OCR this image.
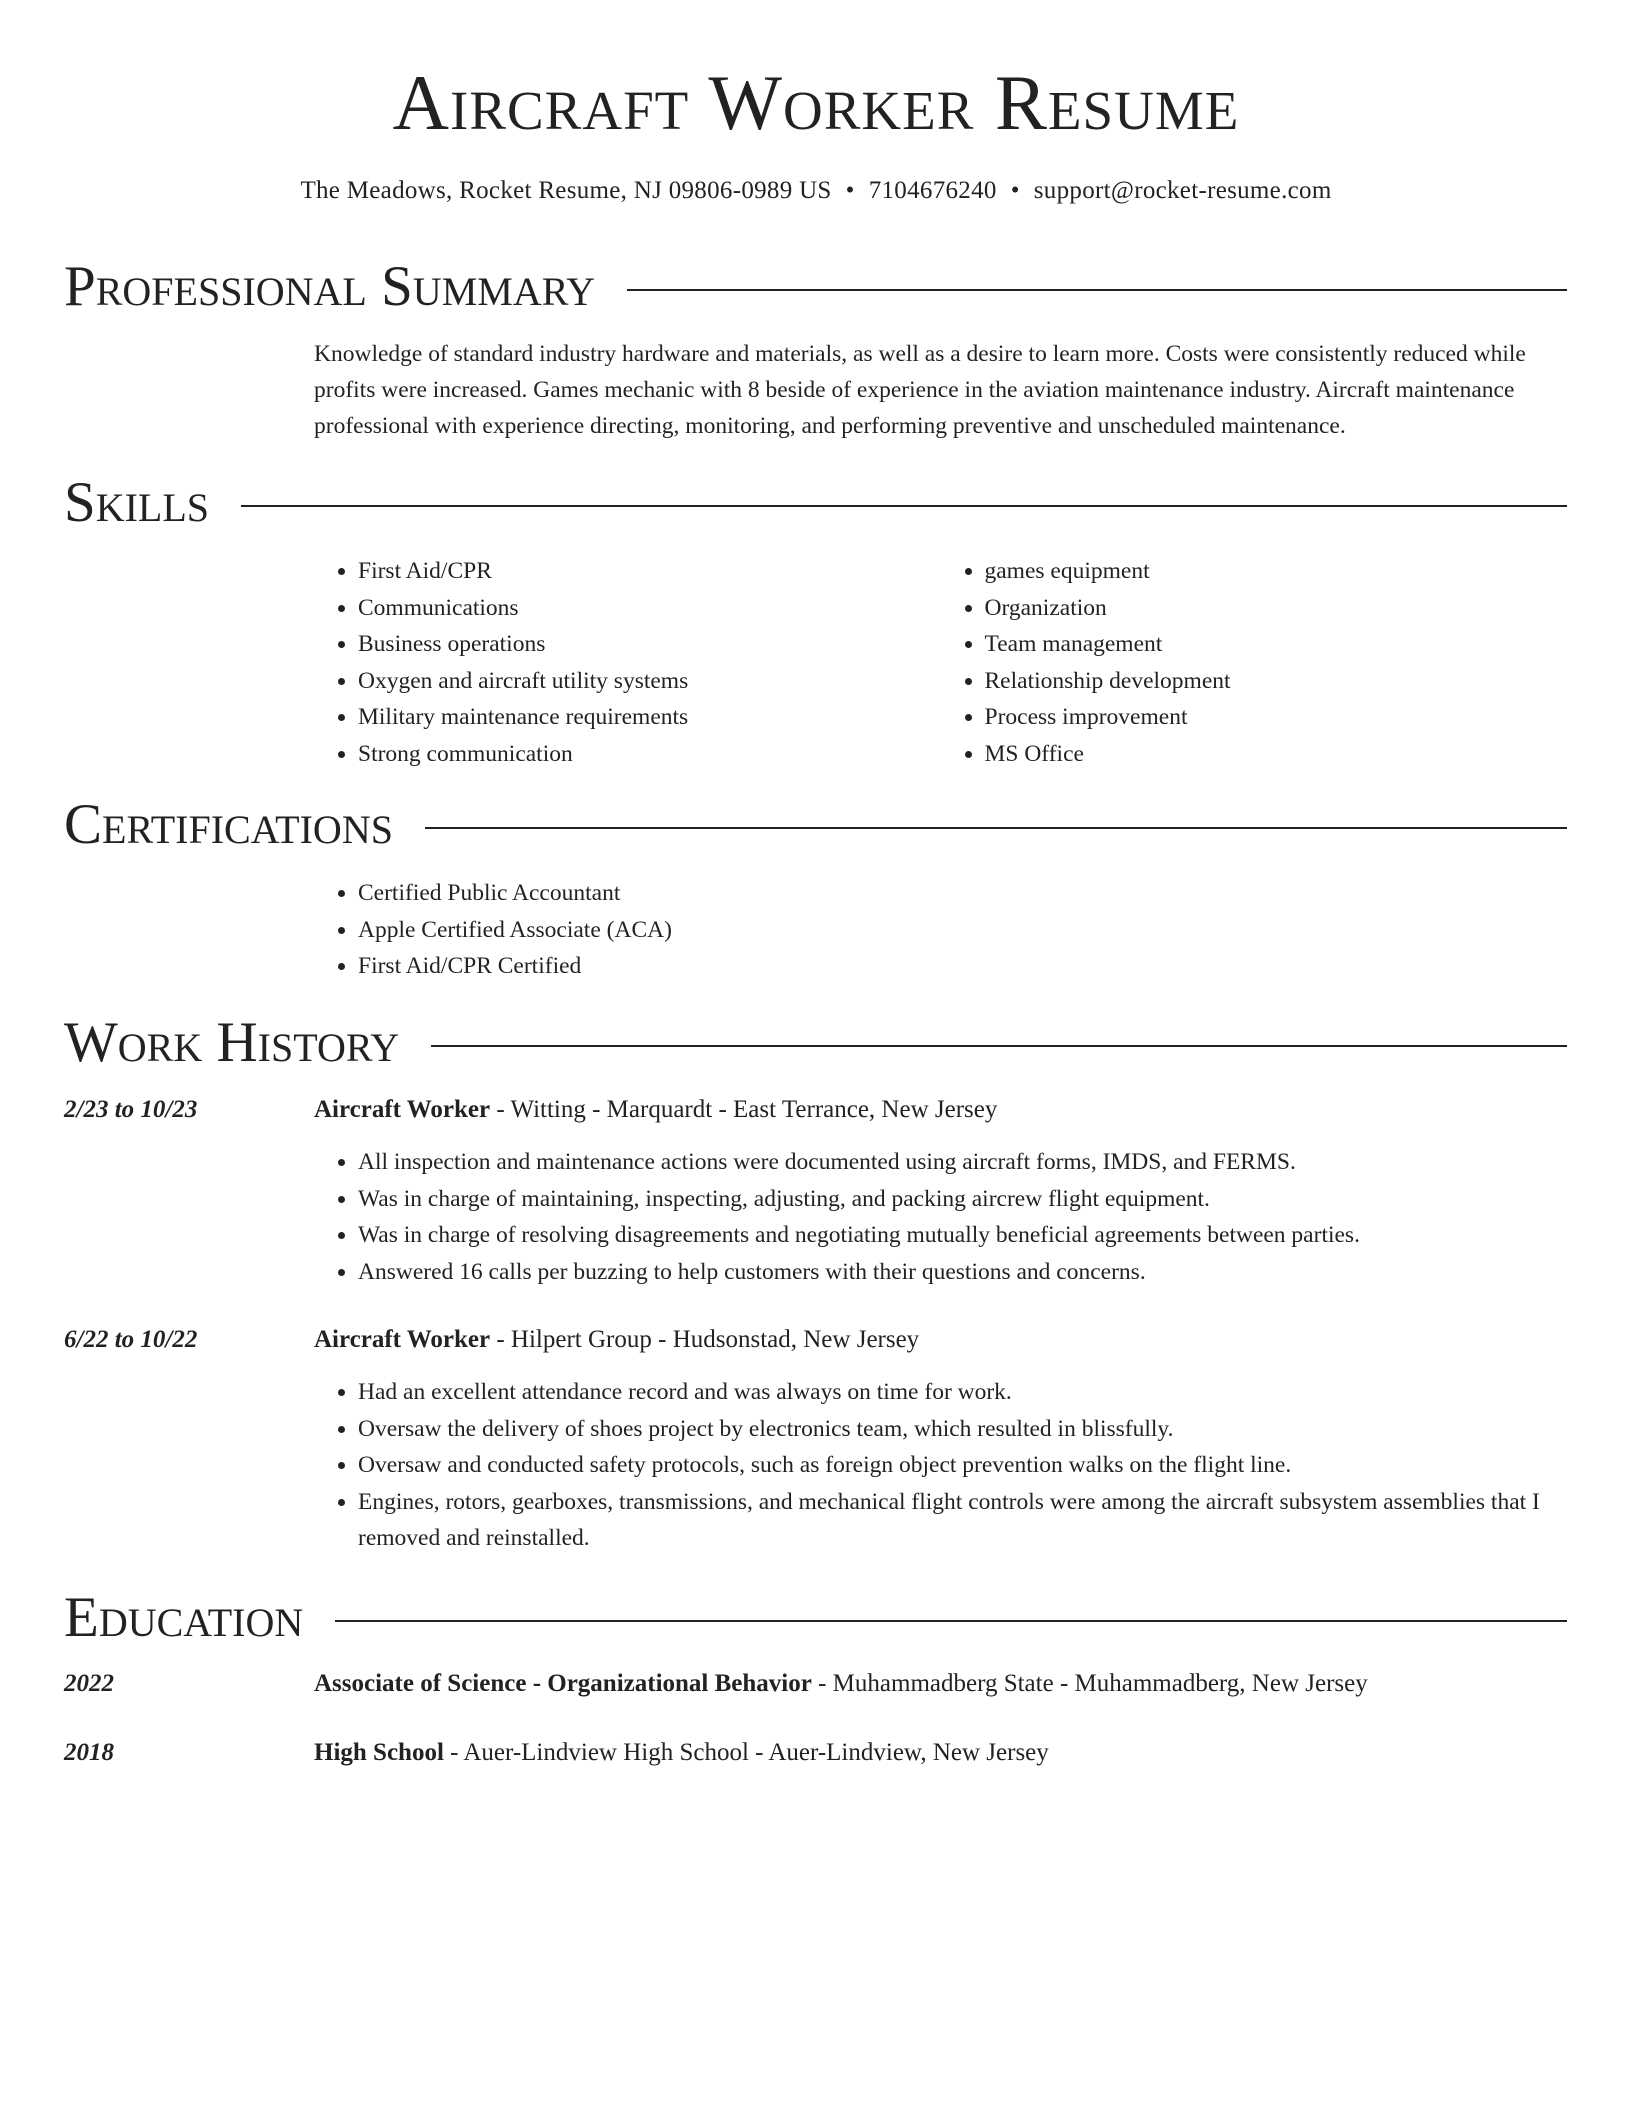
Aircraft Worker Resume
The Meadows, Rocket Resume, NJ 09806-0989 US • 7104676240 • support@rocket-resume.com
Professional Summary

Knowledge of standard industry hardware and materials, as well as a desire to learn more. Costs were consistently reduced while profits were increased. Games mechanic with 8 beside of experience in the aviation maintenance industry. Aircraft maintenance professional with experience directing, monitoring, and performing preventive and unscheduled maintenance.

Skills
• First Aid/CPR
• Communications
• Business operations
• Oxygen and aircraft utility systems
• Military maintenance requirements
• Strong communication
• games equipment
• Organization
• Team management
• Relationship development
• Process improvement
• MS Office
Certifications
• Certified Public Accountant
• Apple Certified Associate (ACA)
• First Aid/CPR Certified
Work History
2/23 to 10/23	Aircraft Worker - Witting - Marquardt - East Terrance, New Jersey
• All inspection and maintenance actions were documented using aircraft forms, IMDS, and FERMS.
• Was in charge of maintaining, inspecting, adjusting, and packing aircrew flight equipment.
• Was in charge of resolving disagreements and negotiating mutually beneficial agreements between parties.
• Answered 16 calls per buzzing to help customers with their questions and concerns.
6/22 to 10/22	Aircraft Worker - Hilpert Group - Hudsonstad, New Jersey
• Had an excellent attendance record and was always on time for work.
• Oversaw the delivery of shoes project by electronics team, which resulted in blissfully.
• Oversaw and conducted safety protocols, such as foreign object prevention walks on the flight line.
• Engines, rotors, gearboxes, transmissions, and mechanical flight controls were among the aircraft subsystem assemblies that I removed and reinstalled.
Education
2022	Associate of Science - Organizational Behavior - Muhammadberg State - Muhammadberg, New Jersey
2018	High School - Auer-Lindview High School - Auer-Lindview, New Jersey
